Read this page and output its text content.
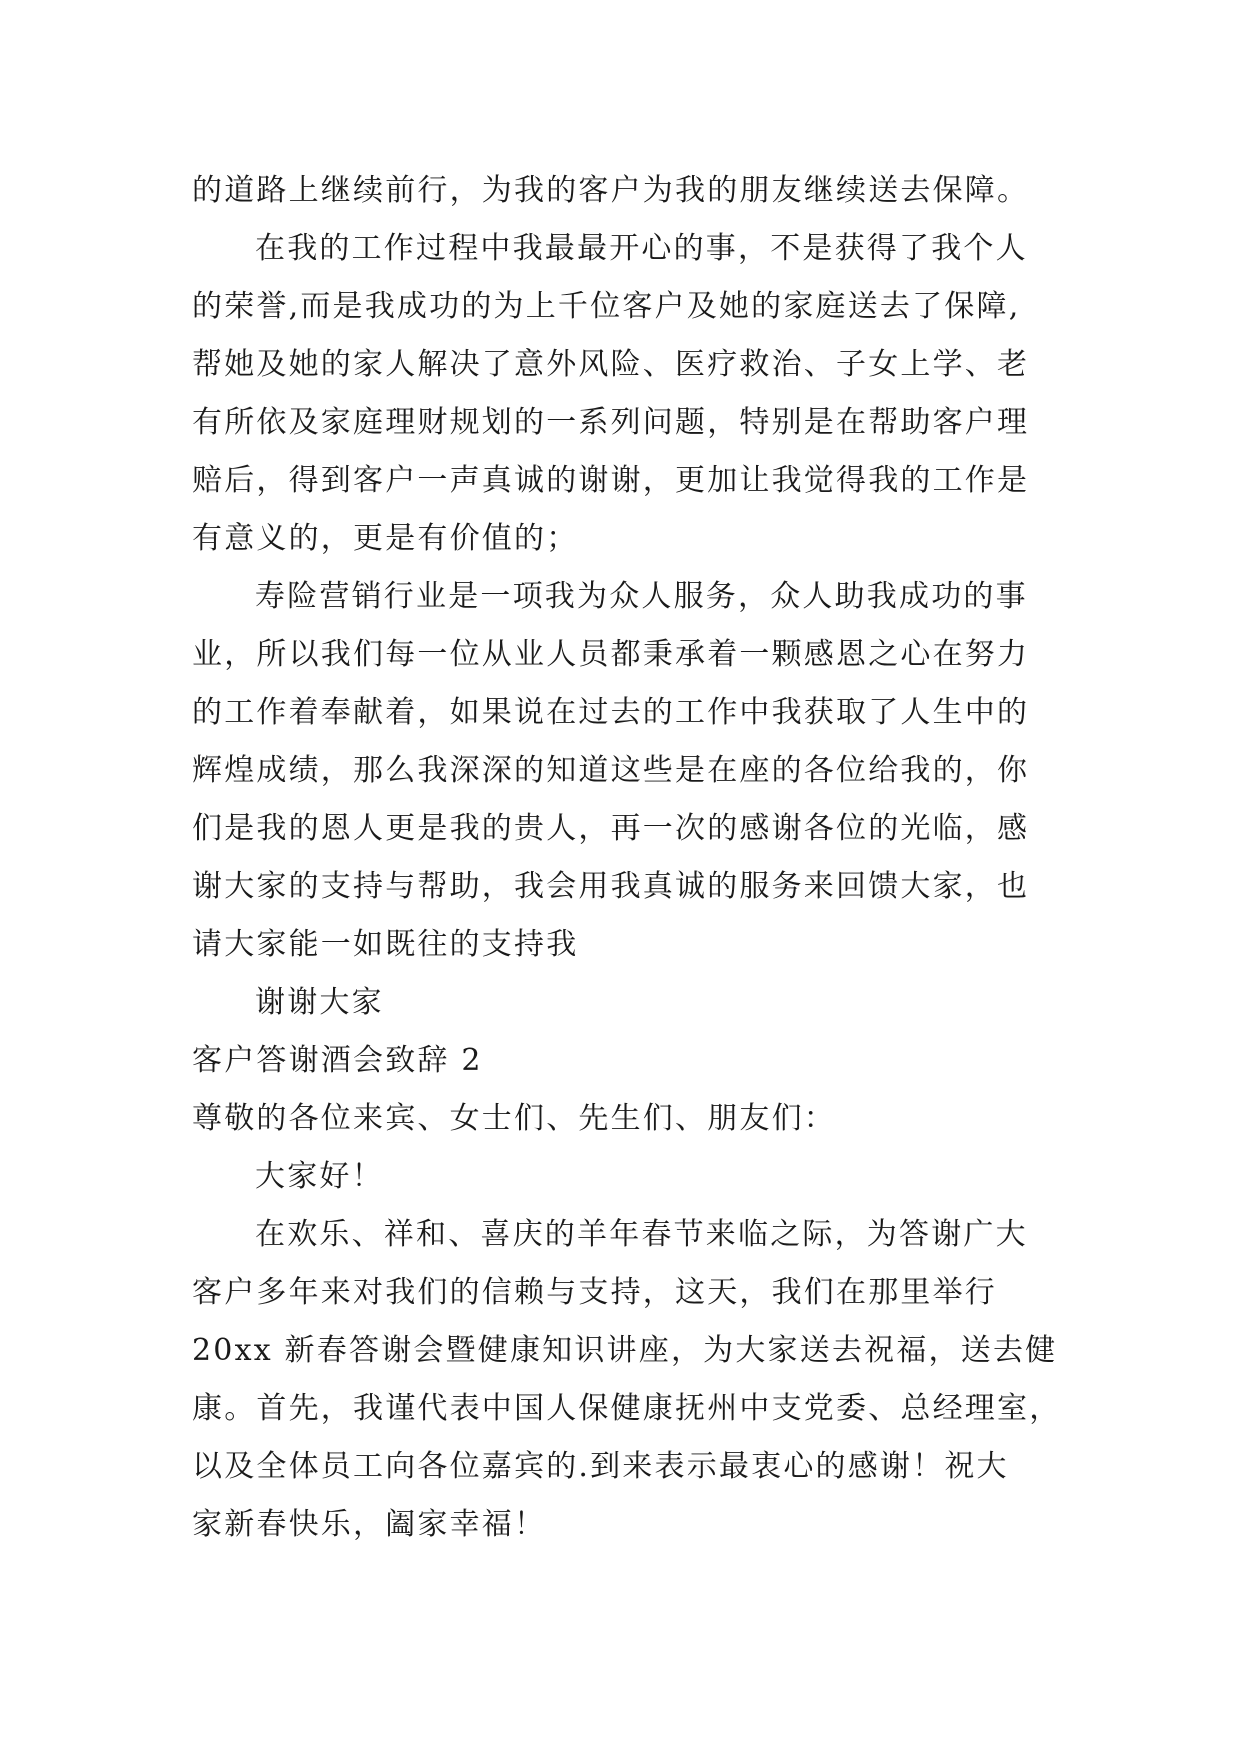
的道路上继续前行，为我的客户为我的朋友继续送去保障。
在我的工作过程中我最最开心的事，不是获得了我个人
的荣誉,而是我成功的为上千位客户及她的家庭送去了保障,
帮她及她的家人解决了意外风险、医疗救治、子女上学、老
有所依及家庭理财规划的一系列问题，特别是在帮助客户理
赔后，得到客户一声真诚的谢谢，更加让我觉得我的工作是
有意义的，更是有价值的；
寿险营销行业是一项我为众人服务，众人助我成功的事
业，所以我们每一位从业人员都秉承着一颗感恩之心在努力
的工作着奉献着，如果说在过去的工作中我获取了人生中的
辉煌成绩，那么我深深的知道这些是在座的各位给我的，你
们是我的恩人更是我的贵人，再一次的感谢各位的光临，感
谢大家的支持与帮助，我会用我真诚的服务来回馈大家，也
请大家能一如既往的支持我
谢谢大家
客户答谢酒会致辞 2
尊敬的各位来宾、女士们、先生们、朋友们：
大家好！
在欢乐、祥和、喜庆的羊年春节来临之际，为答谢广大
客户多年来对我们的信赖与支持，这天，我们在那里举行
20xx 新春答谢会暨健康知识讲座，为大家送去祝福，送去健
康。首先，我谨代表中国人保健康抚州中支党委、总经理室，
以及全体员工向各位嘉宾的.到来表示最衷心的感谢！祝大
家新春快乐，阖家幸福！
